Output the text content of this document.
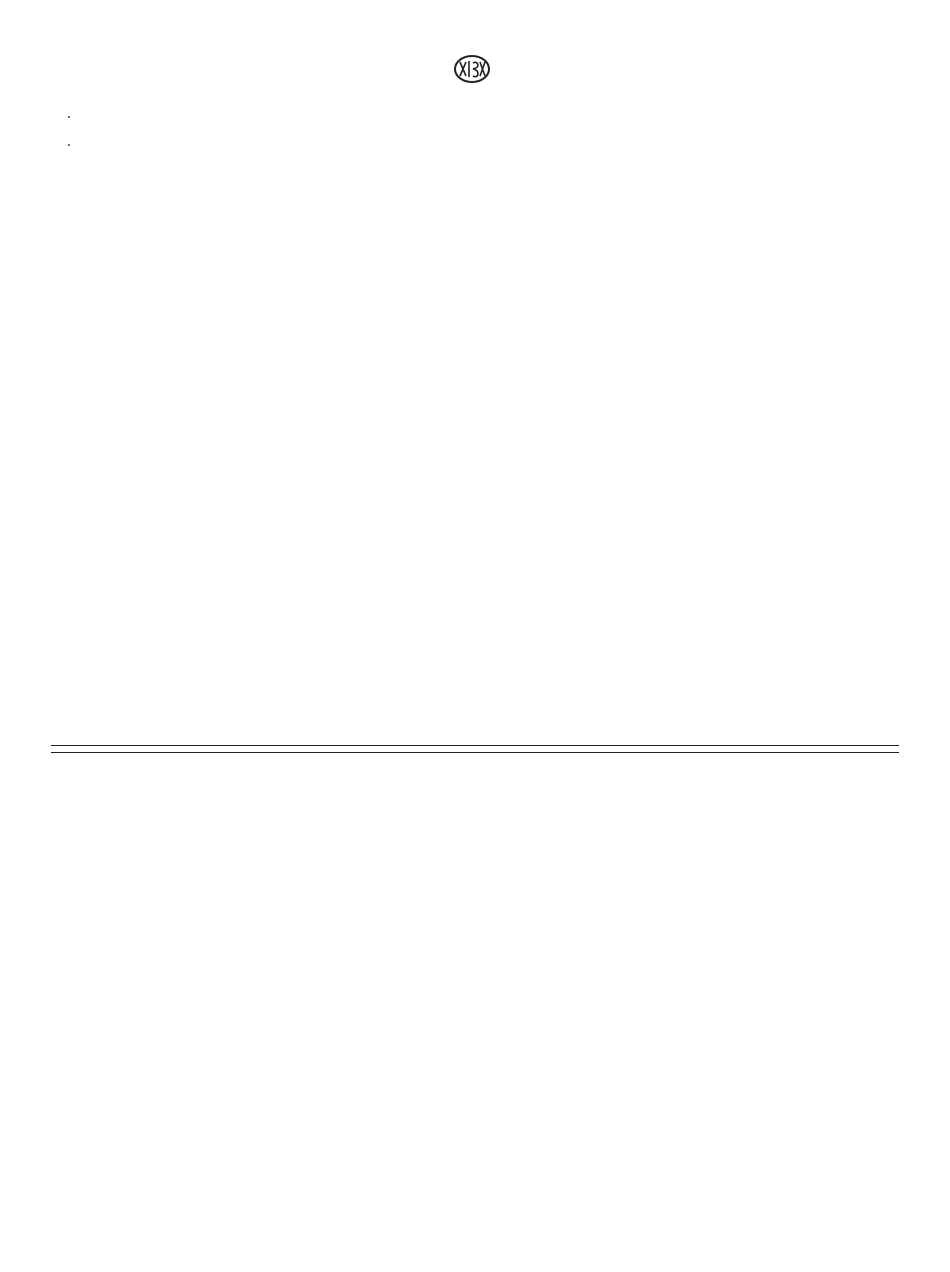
.

.
